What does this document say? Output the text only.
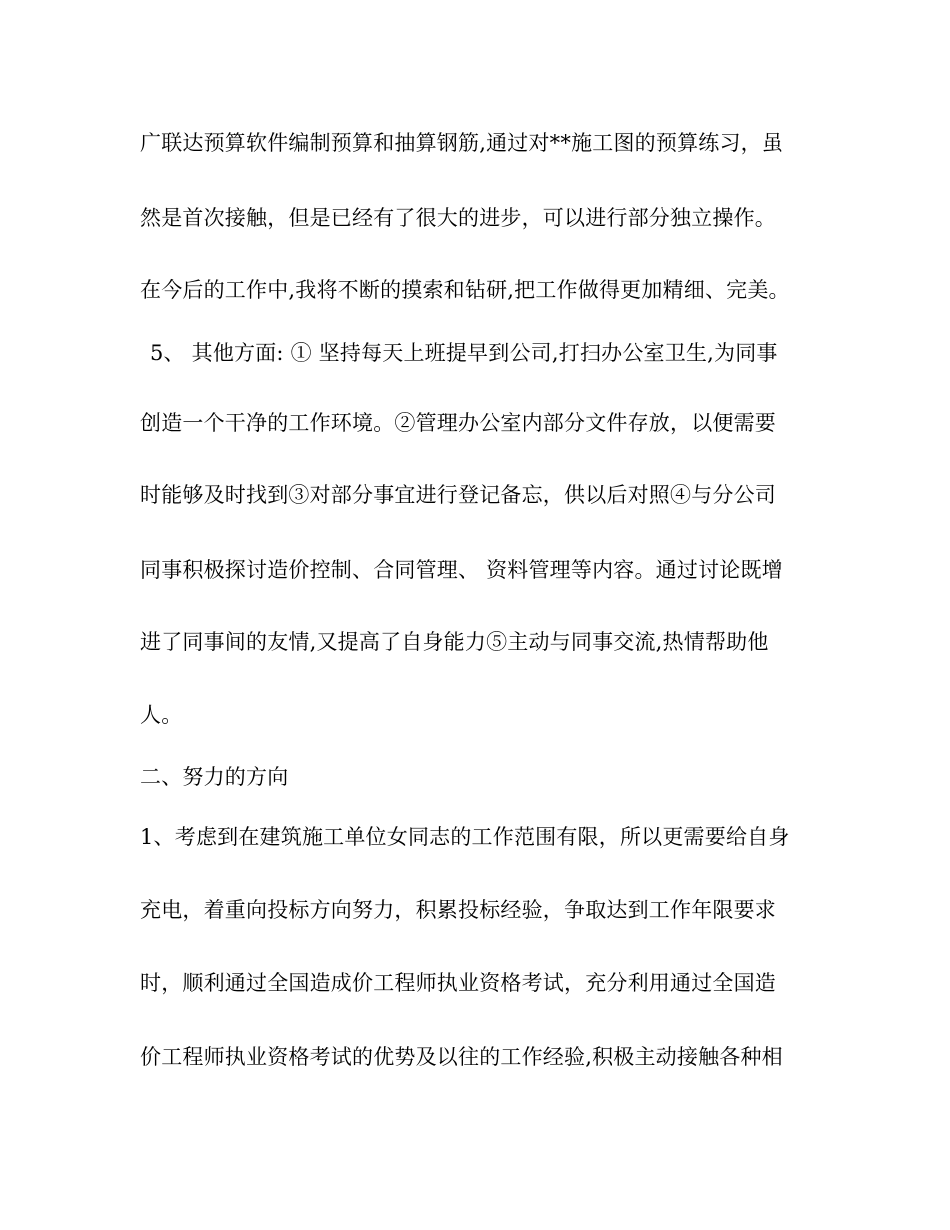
广联达预算软件编制预算和抽算钢筋,通过对**施工图的预算练习，虽
然是首次接触，但是已经有了很大的进步，可以进行部分独立操作。
在今后的工作中,我将不断的摸索和钻研,把工作做得更加精细、完美。
5、 其他方面: ① 坚持每天上班提早到公司,打扫办公室卫生,为同事
创造一个干净的工作环境。②管理办公室内部分文件存放，以便需要
时能够及时找到③对部分事宜进行登记备忘，供以后对照④与分公司
同事积极探讨造价控制、合同管理、 资料管理等内容。通过讨论既增
进了同事间的友情,又提高了自身能力⑤主动与同事交流,热情帮助他
人。
二、努力的方向
1、考虑到在建筑施工单位女同志的工作范围有限，所以更需要给自身
充电，着重向投标方向努力，积累投标经验，争取达到工作年限要求
时，顺利通过全国造成价工程师执业资格考试，充分利用通过全国造
价工程师执业资格考试的优势及以往的工作经验,积极主动接触各种相
